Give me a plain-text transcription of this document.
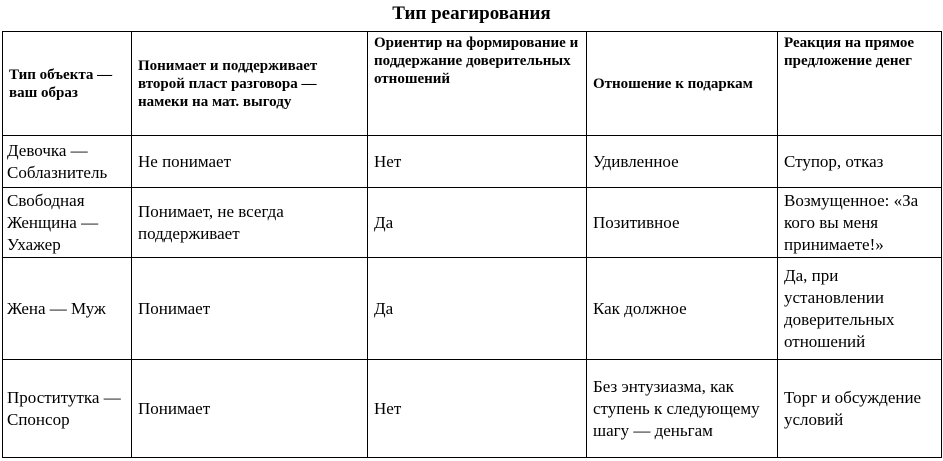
Тип реагирования
Тип объекта — ваш образ	Понимает и поддерживает второй пласт разговора — намеки на мат. выгоду	Ориентир на формирование и поддержание доверительных отношений	Отношение к подаркам	Реакция на прямое предложение денег
Девочка — Соблазнитель	Не понимает	Нет	Удивленное	Ступор, отказ
Свободная Женщина — Ухажер	Понимает, не всегда поддерживает	Да	Позитивное	Возмущенное: «За кого вы меня принимаете!»
Жена — Муж	Понимает	Да	Как должное	Да, при установлении доверительных отношений
Проститутка — Спонсор	Понимает	Нет	Без энтузиазма, как ступень к следующему шагу — деньгам	Торг и обсуждение условий
